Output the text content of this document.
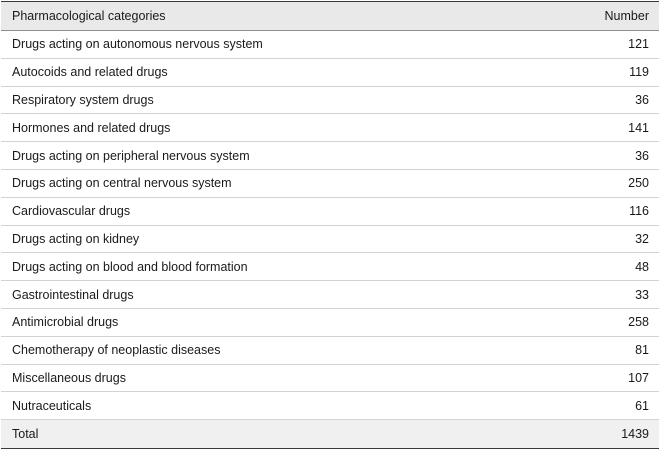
Pharmacological categories	Number
Drugs acting on autonomous nervous system	121
Autocoids and related drugs	119
Respiratory system drugs	36
Hormones and related drugs	141
Drugs acting on peripheral nervous system	36
Drugs acting on central nervous system	250
Cardiovascular drugs	116
Drugs acting on kidney	32
Drugs acting on blood and blood formation	48
Gastrointestinal drugs	33
Antimicrobial drugs	258
Chemotherapy of neoplastic diseases	81
Miscellaneous drugs	107
Nutraceuticals	61
Total	1439
